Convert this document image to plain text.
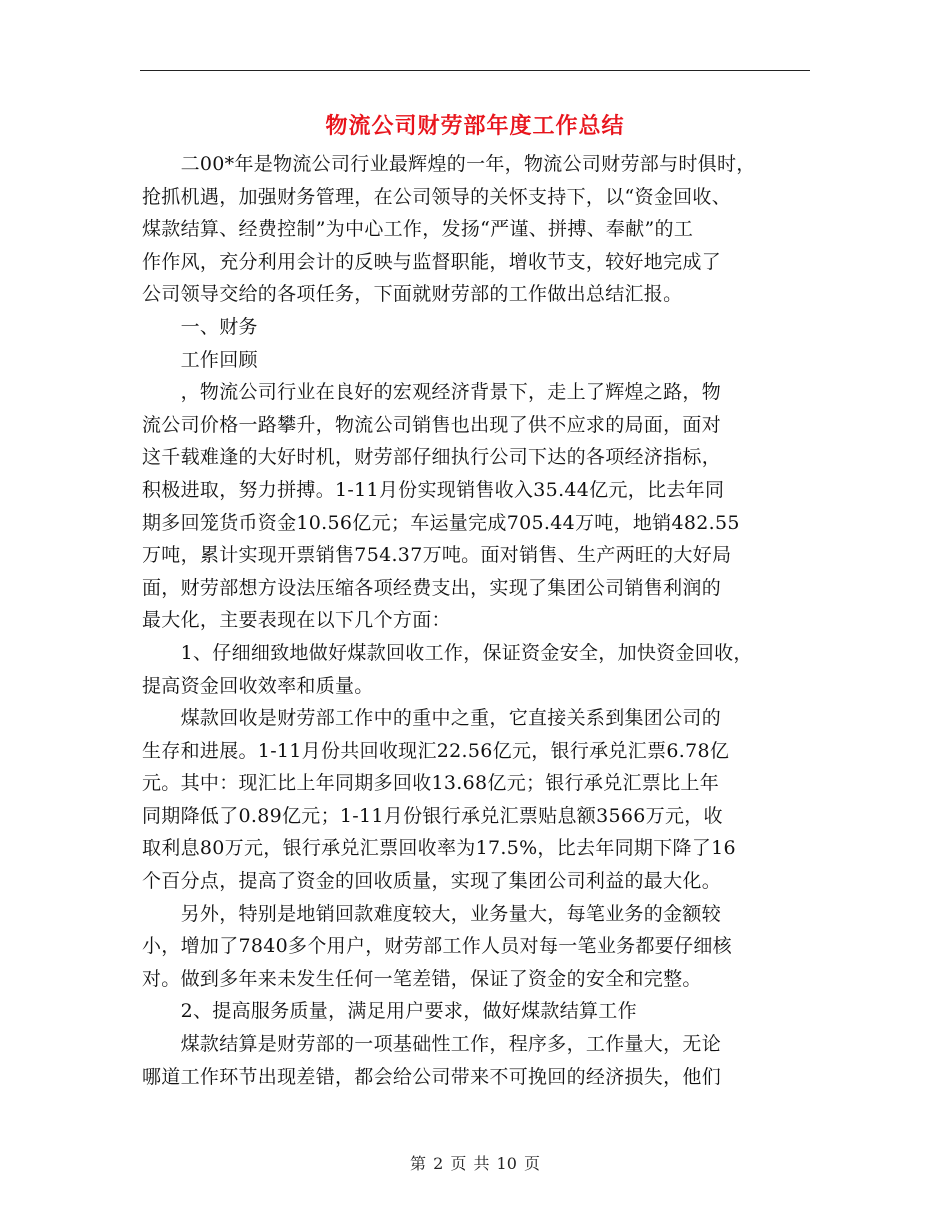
物流公司财劳部年度工作总结
　　二00*年是物流公司行业最辉煌的一年，物流公司财劳部与时俱时，
抢抓机遇，加强财务管理，在公司领导的关怀支持下，以“资金回收、
煤款结算、经费控制”为中心工作，发扬“严谨、拼搏、奉献”的工
作作风，充分利用会计的反映与监督职能，增收节支，较好地完成了
公司领导交给的各项任务，下面就财劳部的工作做出总结汇报。
　　一、财务
　　工作回顾
　　，物流公司行业在良好的宏观经济背景下，走上了辉煌之路，物
流公司价格一路攀升，物流公司销售也出现了供不应求的局面，面对
这千载难逢的大好时机，财劳部仔细执行公司下达的各项经济指标，
积极进取，努力拼搏。1-11月份实现销售收入35.44亿元，比去年同
期多回笼货币资金10.56亿元；车运量完成705.44万吨，地销482.55
万吨，累计实现开票销售754.37万吨。面对销售、生产两旺的大好局
面，财劳部想方设法压缩各项经费支出，实现了集团公司销售利润的
最大化，主要表现在以下几个方面：
　　1、仔细细致地做好煤款回收工作，保证资金安全，加快资金回收，
提高资金回收效率和质量。
　　煤款回收是财劳部工作中的重中之重，它直接关系到集团公司的
生存和进展。1-11月份共回收现汇22.56亿元，银行承兑汇票6.78亿
元。其中：现汇比上年同期多回收13.68亿元；银行承兑汇票比上年
同期降低了0.89亿元；1-11月份银行承兑汇票贴息额3566万元，收
取利息80万元，银行承兑汇票回收率为17.5%，比去年同期下降了16
个百分点，提高了资金的回收质量，实现了集团公司利益的最大化。
　　另外，特别是地销回款难度较大，业务量大，每笔业务的金额较
小，增加了7840多个用户，财劳部工作人员对每一笔业务都要仔细核
对。做到多年来未发生任何一笔差错，保证了资金的安全和完整。
　　2、提高服务质量，满足用户要求，做好煤款结算工作
　　煤款结算是财劳部的一项基础性工作，程序多，工作量大，无论
哪道工作环节出现差错，都会给公司带来不可挽回的经济损失，他们
第 2 页 共 10 页
